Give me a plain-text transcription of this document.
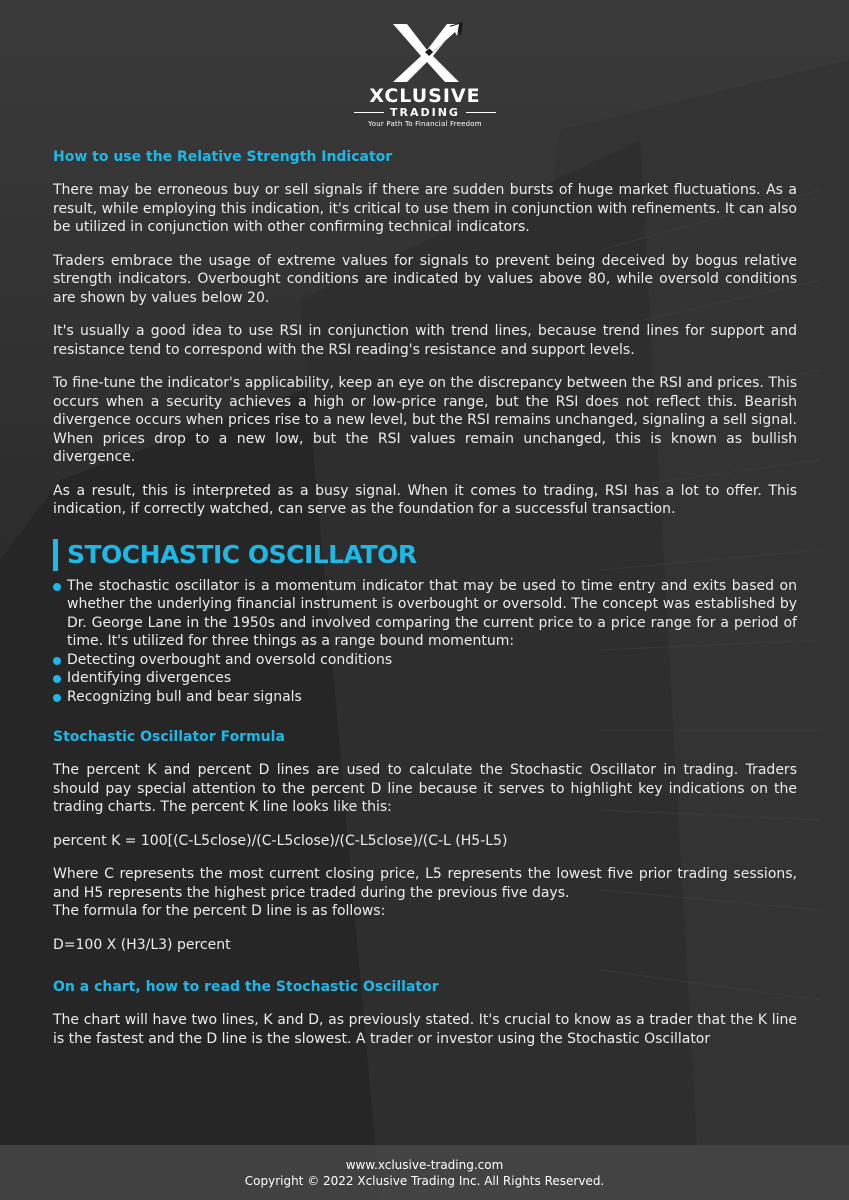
XCLUSIVE
TRADING
Your Path To Financial Freedom
How to use the Relative Strength Indicator

There may be erroneous buy or sell signals if there are sudden bursts of huge market fluctuations. As a result, while employing this indication, it's critical to use them in conjunction with refinements. It can also be utilized in conjunction with other confirming technical indicators.

Traders embrace the usage of extreme values for signals to prevent being deceived by bogus relative strength indicators. Overbought conditions are indicated by values above 80, while oversold conditions are shown by values below 20.

It's usually a good idea to use RSI in conjunction with trend lines, because trend lines for support and resistance tend to correspond with the RSI reading's resistance and support levels.

To fine-tune the indicator's applicability, keep an eye on the discrepancy between the RSI and prices. This occurs when a security achieves a high or low-price range, but the RSI does not reflect this. Bearish divergence occurs when prices rise to a new level, but the RSI remains unchanged, signaling a sell signal. When prices drop to a new low, but the RSI values remain unchanged, this is known as bullish divergence.

As a result, this is interpreted as a busy signal. When it comes to trading, RSI has a lot to offer. This indication, if correctly watched, can serve as the foundation for a successful transaction.

STOCHASTIC OSCILLATOR
The stochastic oscillator is a momentum indicator that may be used to time entry and exits based on whether the underlying financial instrument is overbought or oversold. The concept was established by Dr. George Lane in the 1950s and involved comparing the current price to a price range for a period of time. It's utilized for three things as a range bound momentum:
Detecting overbought and oversold conditions
Identifying divergences
Recognizing bull and bear signals
Stochastic Oscillator Formula

The percent K and percent D lines are used to calculate the Stochastic Oscillator in trading. Traders should pay special attention to the percent D line because it serves to highlight key indications on the trading charts. The percent K line looks like this:

percent K = 100[(C-L5close)/(C-L5close)/(C-L5close)/(C-L (H5-L5)

Where C represents the most current closing price, L5 represents the lowest five prior trading sessions, and H5 represents the highest price traded during the previous five days.
The formula for the percent D line is as follows:

D=100 X (H3/L3) percent

On a chart, how to read the Stochastic Oscillator

The chart will have two lines, K and D, as previously stated. It's crucial to know as a trader that the K line is the fastest and the D line is the slowest. A trader or investor using the Stochastic Oscillator

www.xclusive-trading.com
Copyright © 2022 Xclusive Trading Inc. All Rights Reserved.
